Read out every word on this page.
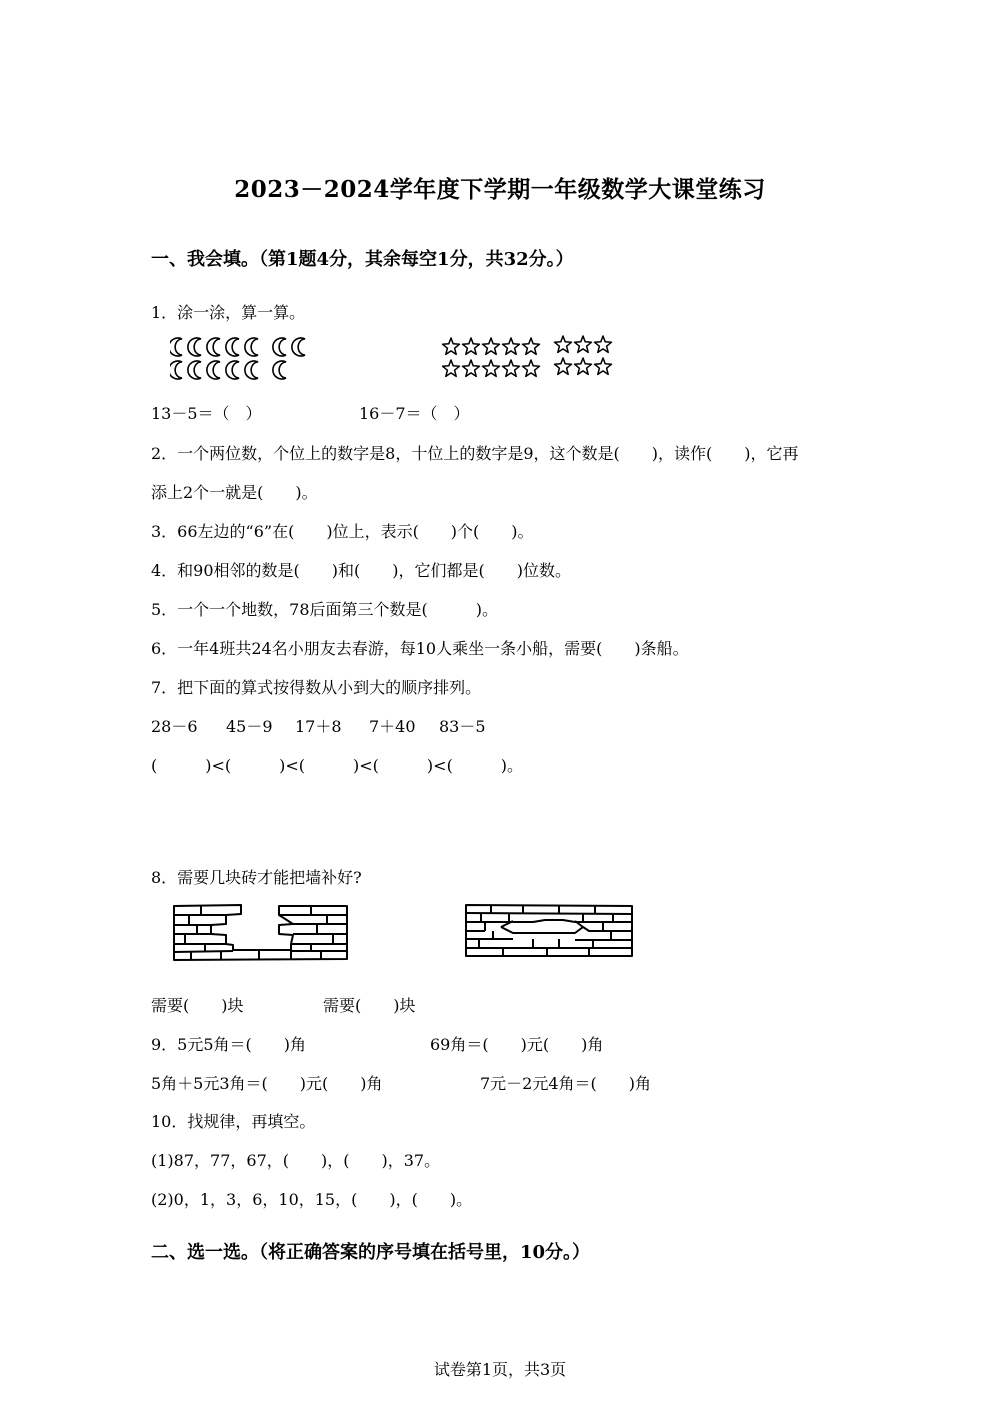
2023－2024学年度下学期一年级数学大课堂练习
一、我会填。（第1题4分，其余每空1分，共32分。）
1．涂一涂，算一算。
13－5＝（　）	16－7＝（　）
2．一个两位数，个位上的数字是8，十位上的数字是9，这个数是(　　)，读作(　　)，它再
添上2个一就是(　　)。
3．66左边的“6”在(　　)位上，表示(　　)个(　　)。
4．和90相邻的数是(　　)和(　　)，它们都是(　　)位数。
5．一个一个地数，78后面第三个数是(　　　)。
6．一年4班共24名小朋友去春游，每10人乘坐一条小船，需要(　　)条船。
7．把下面的算式按得数从小到大的顺序排列。
28－6 45－9 17＋8 7＋40 83－5
(　　　)<(　　　)<(　　　)<(　　　)<(　　　)。
8．需要几块砖才能把墙补好?
需要(　　)块	需要(　　)块
9．5元5角＝(　　)角	69角＝(　　)元(　　)角
5角＋5元3角＝(　　)元(　　)角	7元－2元4角＝(　　)角
10．找规律，再填空。
(1)87，77，67，(　　)，(　　)，37。
(2)0，1，3，6，10，15，(　　)，(　　)。
二、选一选。（将正确答案的序号填在括号里，10分。）
试卷第1页，共3页
